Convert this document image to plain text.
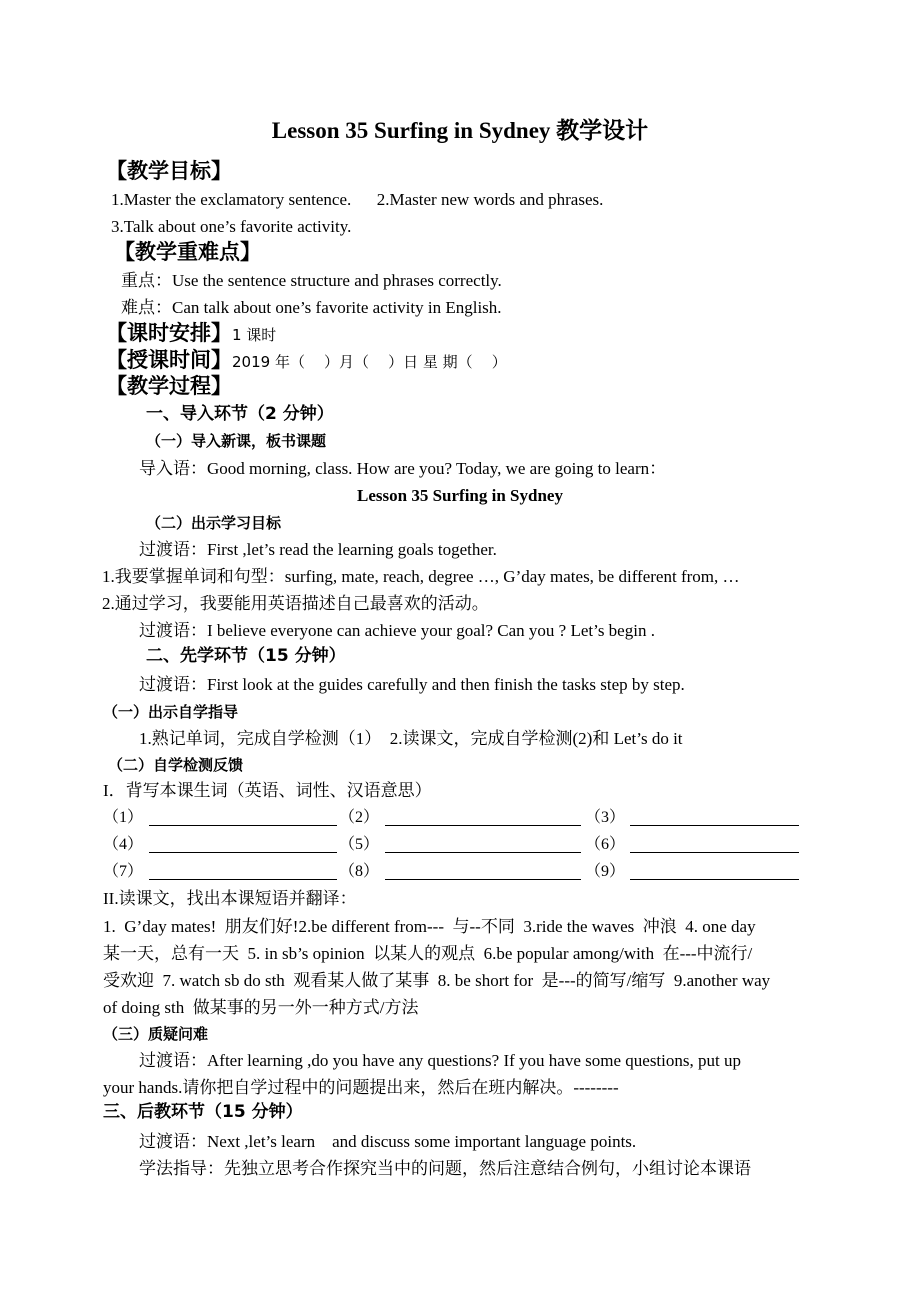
Lesson 35 Surfing in Sydney 教学设计
【教学目标】
1.Master the exclamatory sentence.      2.Master new words and phrases.
3.Talk about one’s favorite activity.
【教学重难点】
重点：Use the sentence structure and phrases correctly.
难点：Can talk about one’s favorite activity in English.
【课时安排】1 课时
【授课时间】2019 年（    ）月（    ）日 星 期（    ）
【教学过程】
一、导入环节（2 分钟）
（一）导入新课，板书课题
导入语：Good morning, class. How are you? Today, we are going to learn：
Lesson 35 Surfing in Sydney
（二）出示学习目标
过渡语：First ,let’s read the learning goals together.
1.我要掌握单词和句型：surfing, mate, reach, degree …, G’day mates, be different from, …
2.通过学习，我要能用英语描述自己最喜欢的活动。
过渡语：I believe everyone can achieve your goal? Can you ? Let’s begin .
二、先学环节（15 分钟）
过渡语：First look at the guides carefully and then finish the tasks step by step.
（一）出示自学指导
1.熟记单词，完成自学检测（1）  2.读课文，完成自学检测(2)和 Let’s do it
（二）自学检测反馈
I．背写本课生词（英语、词性、汉语意思）
（1）	（2）	（3）
（4）	（5）	（6）
（7）	（8）	（9）
II.读课文，找出本课短语并翻译：
1.  G’day mates!  朋友们好!2.be different from---  与--不同  3.ride the waves  冲浪  4. one day
某一天，总有一天  5. in sb’s opinion  以某人的观点  6.be popular among/with  在---中流行/
受欢迎  7. watch sb do sth  观看某人做了某事  8. be short for  是---的简写/缩写  9.another way
of doing sth  做某事的另一外一种方式/方法
（三）质疑问难
过渡语：After learning ,do you have any questions? If you have some questions, put up
your hands.请你把自学过程中的问题提出来，然后在班内解决。--------
三、后教环节（15 分钟）
过渡语：Next ,let’s learn    and discuss some important language points.
学法指导：先独立思考合作探究当中的问题，然后注意结合例句，小组讨论本课语
